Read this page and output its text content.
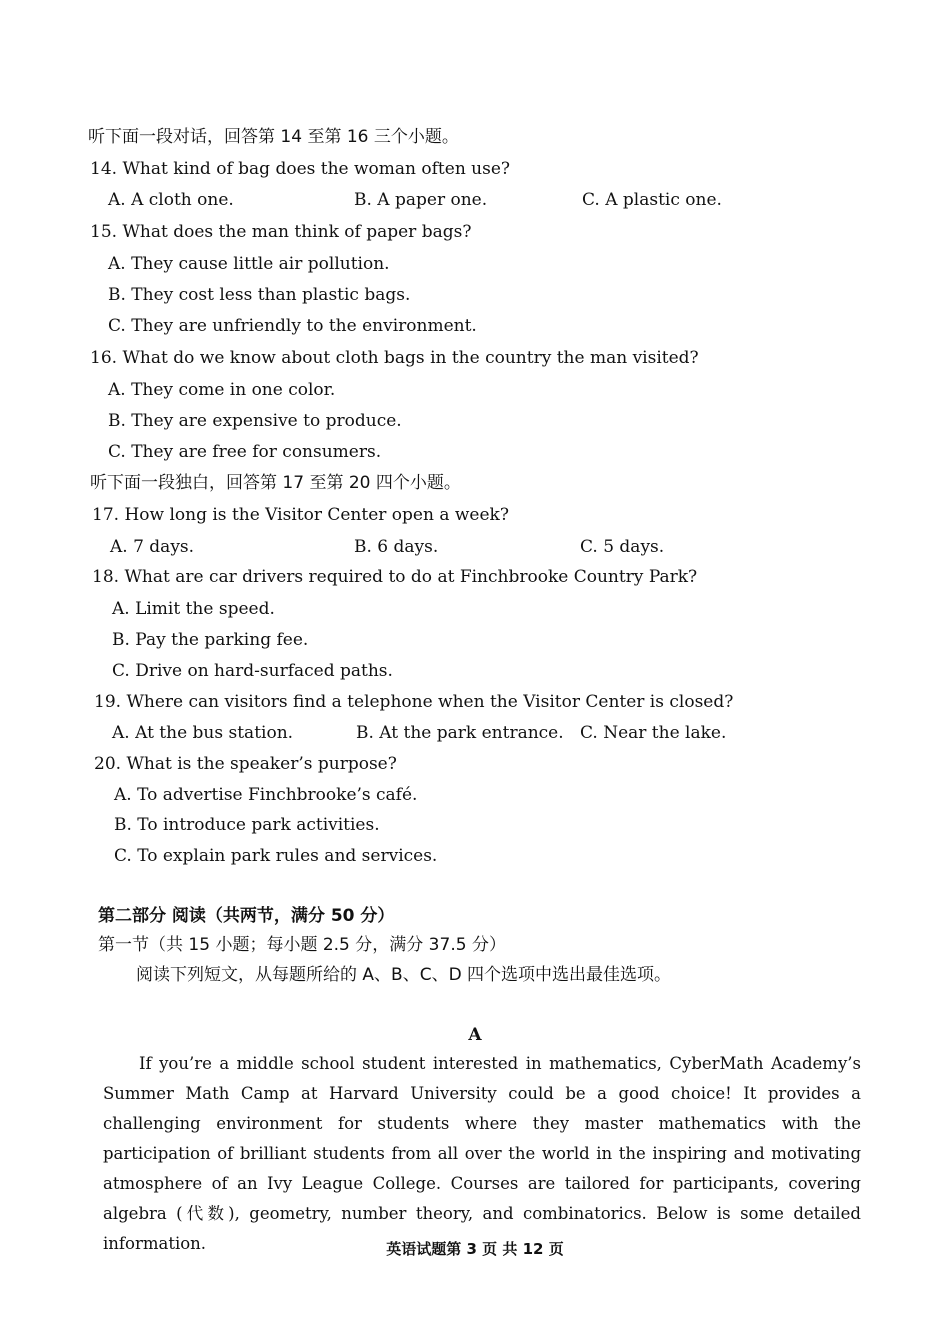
听下面一段对话，回答第 14 至第 16 三个小题。
14. What kind of bag does the woman often use?
A. A cloth one.	B. A paper one.	C. A plastic one.
15. What does the man think of paper bags?
A. They cause little air pollution.
B. They cost less than plastic bags.
C. They are unfriendly to the environment.
16. What do we know about cloth bags in the country the man visited?
A. They come in one color.
B. They are expensive to produce.
C. They are free for consumers.
听下面一段独白，回答第 17 至第 20 四个小题。
17. How long is the Visitor Center open a week?
A. 7 days.	B. 6 days.	C. 5 days.
18. What are car drivers required to do at Finchbrooke Country Park?
A. Limit the speed.
B. Pay the parking fee.
C. Drive on hard-surfaced paths.
19. Where can visitors find a telephone when the Visitor Center is closed?
A. At the bus station.	B. At the park entrance. C. Near the lake.
20. What is the speaker’s purpose?
A. To advertise Finchbrooke’s café.
B. To introduce park activities.
C. To explain park rules and services.
第二部分 阅读（共两节，满分 50 分）
第一节（共 15 小题；每小题 2.5 分，满分 37.5 分）
阅读下列短文，从每题所给的 A、B、C、D 四个选项中选出最佳选项。
A
If you’re a middle school student interested in mathematics, CyberMath Academy’s Summer Math Camp at Harvard University could be a good choice! It provides a challenging environment for students where they master mathematics with the participation of brilliant students from all over the world in the inspiring and motivating atmosphere of an Ivy League College. Courses are tailored for participants, covering algebra (代数), geometry, number theory, and combinatorics. Below is some detailed information.	英语试题第 3 页 共 12 页
